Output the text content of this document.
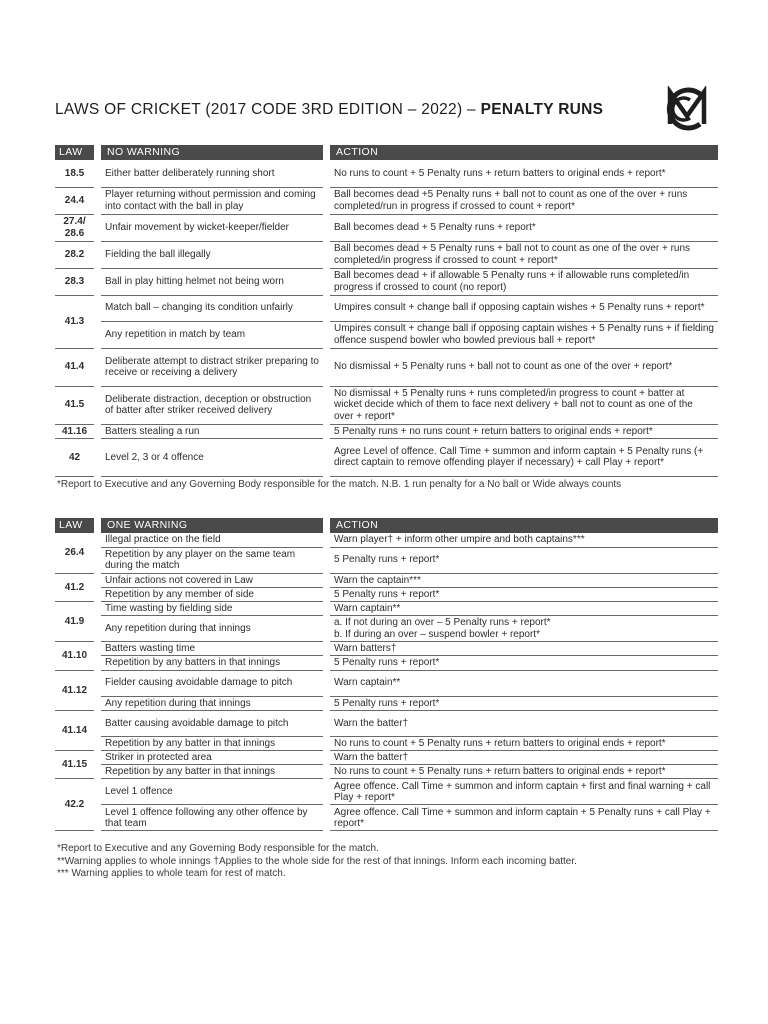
LAWS OF CRICKET (2017 CODE 3RD EDITION – 2022) – PENALTY RUNS
LAW		NO WARNING		ACTION
18.5		Either batter deliberately running short		No runs to count + 5 Penalty runs + return batters to original ends + report*
24.4		Player returning without permission and coming into contact with the ball in play		Ball becomes dead +5 Penalty runs + ball not to count as one of the over + runs completed/run in progress if crossed to count + report*
27.4/ 28.6		Unfair movement by wicket-keeper/fielder		Ball becomes dead + 5 Penalty runs + report*
28.2		Fielding the ball illegally		Ball becomes dead + 5 Penalty runs + ball not to count as one of the over + runs completed/in progress if crossed to count + report*
28.3		Ball in play hitting helmet not being worn		Ball becomes dead + if allowable 5 Penalty runs + if allowable runs completed/in progress if crossed to count (no report)
41.3		Match ball – changing its condition unfairly		Umpires consult + change ball if opposing captain wishes + 5 Penalty runs + report*
		Any repetition in match by team		Umpires consult + change ball if opposing captain wishes + 5 Penalty runs + if fielding offence suspend bowler who bowled previous ball + report*
41.4		Deliberate attempt to distract striker preparing to receive or receiving a delivery		No dismissal + 5 Penalty runs + ball not to count as one of the over + report*
41.5		Deliberate distraction, deception or obstruction of batter after striker received delivery		No dismissal + 5 Penalty runs + runs completed/in progress to count + batter at wicket decide which of them to face next delivery + ball not to count as one of the over + report*
41.16		Batters stealing a run		5 Penalty runs + no runs count + return batters to original ends + report*
42		Level 2, 3 or 4 offence		Agree Level of offence. Call Time + summon and inform captain + 5 Penalty runs (+ direct captain to remove offending player if necessary) + call Play + report*
*Report to Executive and any Governing Body responsible for the match. N.B. 1 run penalty for a No ball or Wide always counts
LAW		ONE WARNING		ACTION
26.4		Illegal practice on the field		Warn player† + inform other umpire and both captains***
		Repetition by any player on the same team during the match		5 Penalty runs + report*
41.2		Unfair actions not covered in Law		Warn the captain***
		Repetition by any member of side		5 Penalty runs + report*
41.9		Time wasting by fielding side		Warn captain**
		Any repetition during that innings		a. If not during an over – 5 Penalty runs + report*
b. If during an over – suspend bowler + report*

41.10		Batters wasting time		Warn batters†
		Repetition by any batters in that innings		5 Penalty runs + report*
41.12		Fielder causing avoidable damage to pitch		Warn captain**
		Any repetition during that innings		5 Penalty runs + report*
41.14		Batter causing avoidable damage to pitch		Warn the batter†
		Repetition by any batter in that innings		No runs to count + 5 Penalty runs + return batters to original ends + report*
41.15		Striker in protected area		Warn the batter†
		Repetition by any batter in that innings		No runs to count + 5 Penalty runs + return batters to original ends + report*
42.2		Level 1 offence		Agree offence. Call Time + summon and inform captain + first and final warning + call Play + report*
		Level 1 offence following any other offence by that team		Agree offence. Call Time + summon and inform captain + 5 Penalty runs + call Play + report*
*Report to Executive and any Governing Body responsible for the match.
**Warning applies to whole innings †Applies to the whole side for the rest of that innings. Inform each incoming batter.
*** Warning applies to whole team for rest of match.
